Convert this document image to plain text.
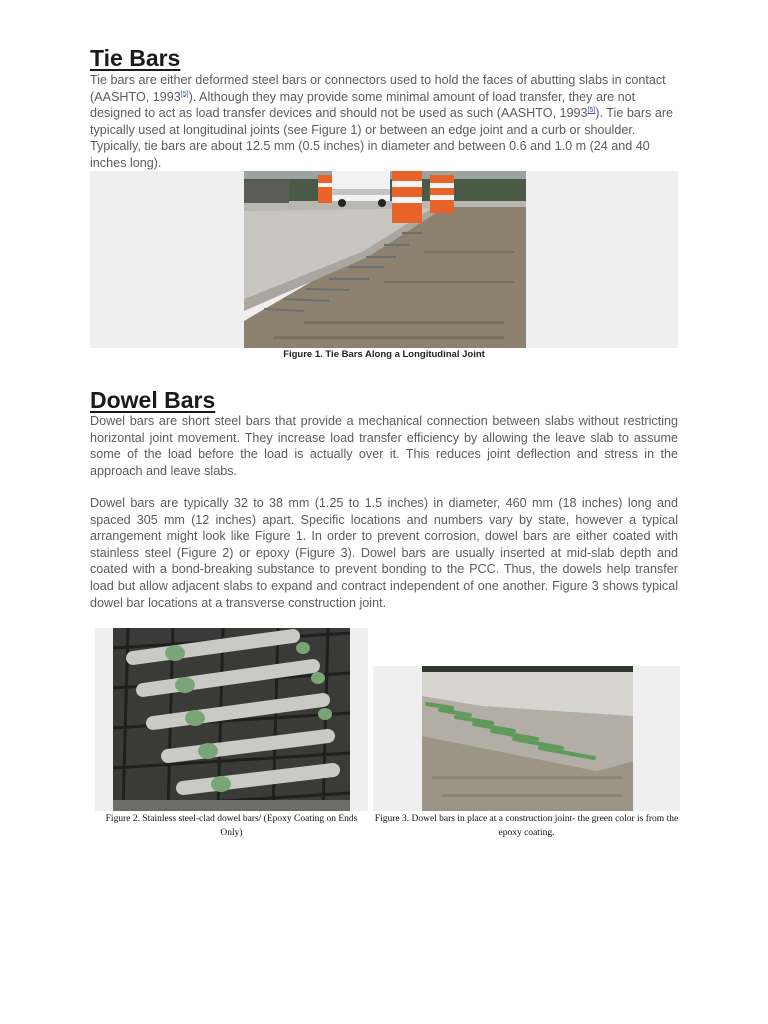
Tie Bars

Tie bars are either deformed steel bars or connectors used to hold the faces of abutting slabs in contact (AASHTO, 1993[5]). Although they may provide some minimal amount of load transfer, they are not designed to act as load transfer devices and should not be used as such (AASHTO, 1993[5]). Tie bars are typically used at longitudinal joints (see Figure 1) or between an edge joint and a curb or shoulder. Typically, tie bars are about 12.5 mm (0.5 inches) in diameter and between 0.6 and 1.0 m (24 and 40 inches long).

Figure 1. Tie Bars Along a Longitudinal Joint
Dowel Bars

Dowel bars are short steel bars that provide a mechanical connection between slabs without restricting horizontal joint movement. They increase load transfer efficiency by allowing the leave slab to assume some of the load before the load is actually over it. This reduces joint deflection and stress in the approach and leave slabs.

Dowel bars are typically 32 to 38 mm (1.25 to 1.5 inches) in diameter, 460 mm (18 inches) long and spaced 305 mm (12 inches) apart. Specific locations and numbers vary by state, however a typical arrangement might look like Figure 1. In order to prevent corrosion, dowel bars are either coated with stainless steel (Figure 2) or epoxy (Figure 3). Dowel bars are usually inserted at mid-slab depth and coated with a bond-breaking substance to prevent bonding to the PCC. Thus, the dowels help transfer load but allow adjacent slabs to expand and contract independent of one another. Figure 3 shows typical dowel bar locations at a transverse construction joint.

Figure 2. Stainless steel-clad dowel bars/ (Epoxy Coating on Ends Only)
Figure 3. Dowel bars in place at a construction joint- the green color is from the epoxy coating.
